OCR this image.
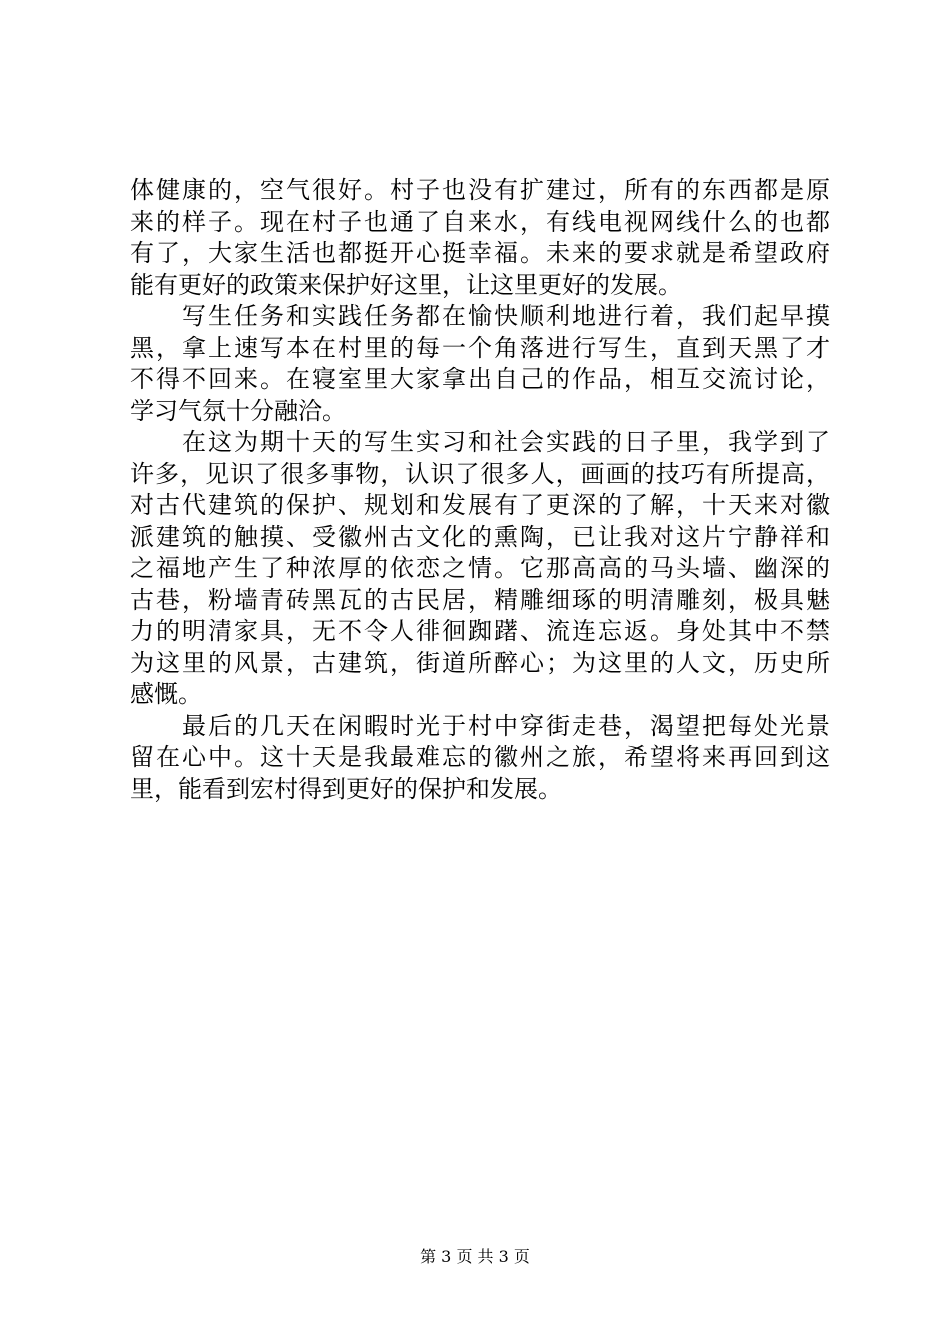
体健康的，空气很好。村子也没有扩建过，所有的东西都是原
来的样子。现在村子也通了自来水，有线电视网线什么的也都
有了，大家生活也都挺开心挺幸福。未来的要求就是希望政府
能有更好的政策来保护好这里，让这里更好的发展。
　　写生任务和实践任务都在愉快顺利地进行着，我们起早摸
黑，拿上速写本在村里的每一个角落进行写生，直到天黑了才
不得不回来。在寝室里大家拿出自己的作品，相互交流讨论，
学习气氛十分融洽。
　　在这为期十天的写生实习和社会实践的日子里，我学到了
许多，见识了很多事物，认识了很多人，画画的技巧有所提高，
对古代建筑的保护、规划和发展有了更深的了解，十天来对徽
派建筑的触摸、受徽州古文化的熏陶，已让我对这片宁静祥和
之福地产生了种浓厚的依恋之情。它那高高的马头墙、幽深的
古巷，粉墙青砖黑瓦的古民居，精雕细琢的明清雕刻，极具魅
力的明清家具，无不令人徘徊踟躇、流连忘返。身处其中不禁
为这里的风景，古建筑，街道所醉心；为这里的人文，历史所
感慨。
　　最后的几天在闲暇时光于村中穿街走巷，渴望把每处光景
留在心中。这十天是我最难忘的徽州之旅，希望将来再回到这
里，能看到宏村得到更好的保护和发展。
第 3 页 共 3 页
